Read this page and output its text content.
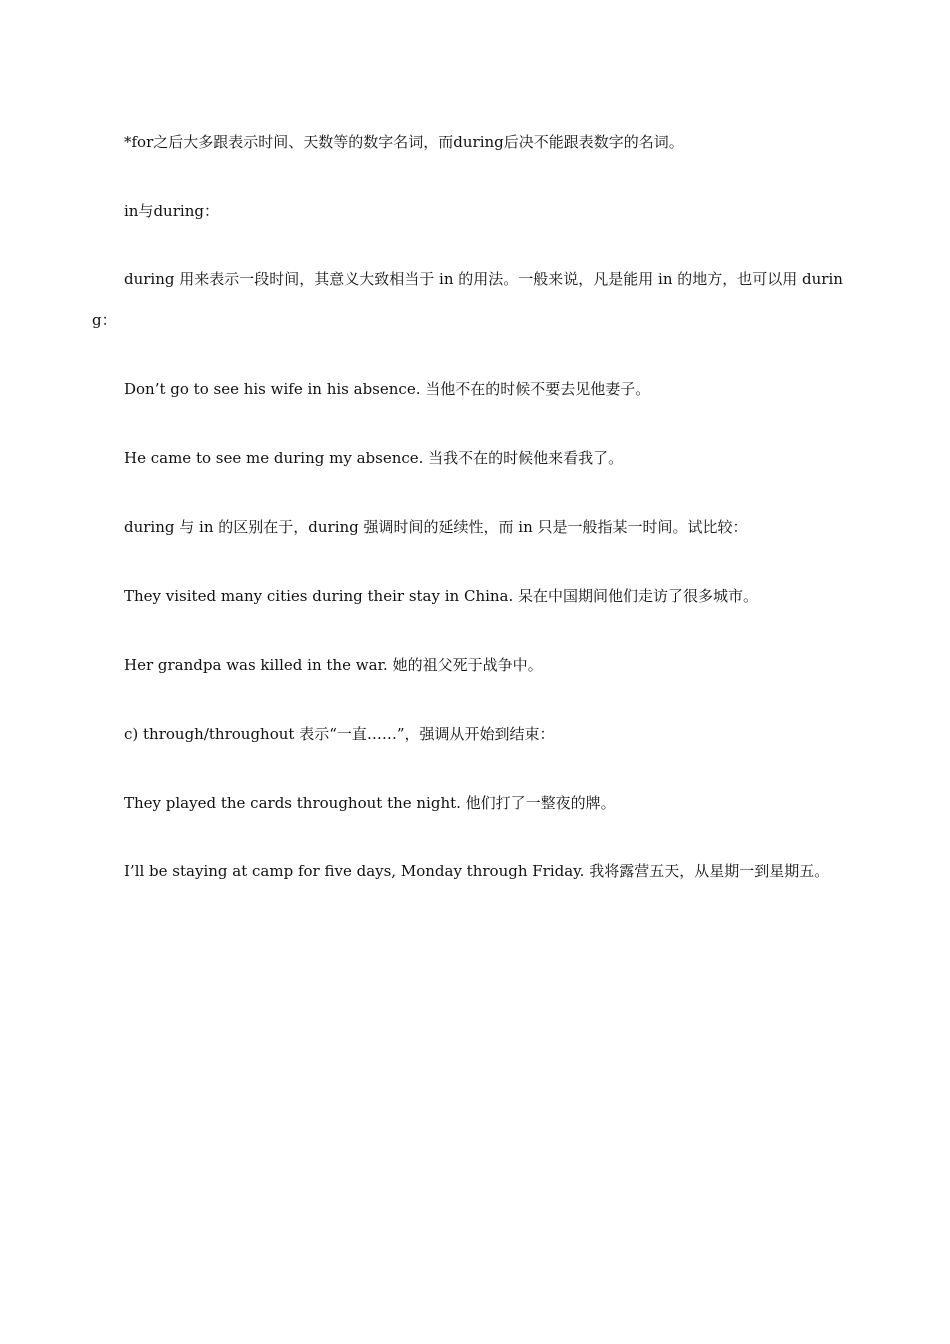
*for之后大多跟表示时间、天数等的数字名词，而during后决不能跟表数字的名词。

in与during：

during 用来表示一段时间，其意义大致相当于 in 的用法。一般来说，凡是能用 in 的地方，也可以用 during：

Don’t go to see his wife in his absence. 当他不在的时候不要去见他妻子。

He came to see me during my absence. 当我不在的时候他来看我了。

during 与 in 的区别在于，during 强调时间的延续性，而 in 只是一般指某一时间。试比较：

They visited many cities during their stay in China. 呆在中国期间他们走访了很多城市。

Her grandpa was killed in the war. 她的祖父死于战争中。

c) through/throughout 表示“一直……”，强调从开始到结束：

They played the cards throughout the night. 他们打了一整夜的牌。

I’ll be staying at camp for five days, Monday through Friday. 我将露营五天，从星期一到星期五。
